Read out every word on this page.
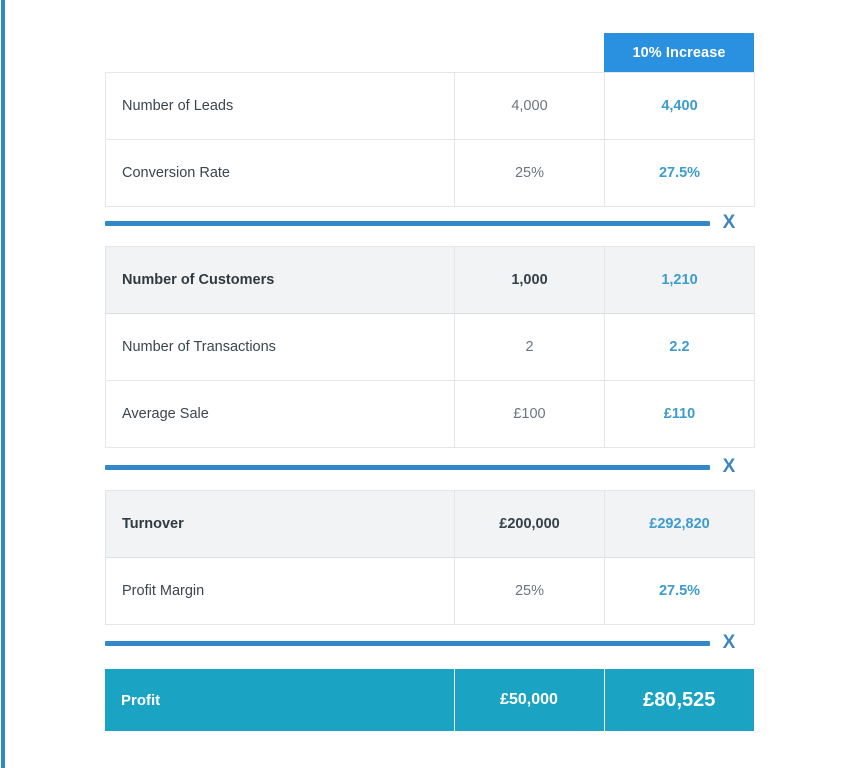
10% Increase
Number of Leads	4,000	4,400
Conversion Rate	25%	27.5%
X
Number of Customers	1,000	1,210
Number of Transactions	2	2.2
Average Sale	£100	£110
X
Turnover	£200,000	£292,820
Profit Margin	25%	27.5%
X
Profit	£50,000	£80,525
